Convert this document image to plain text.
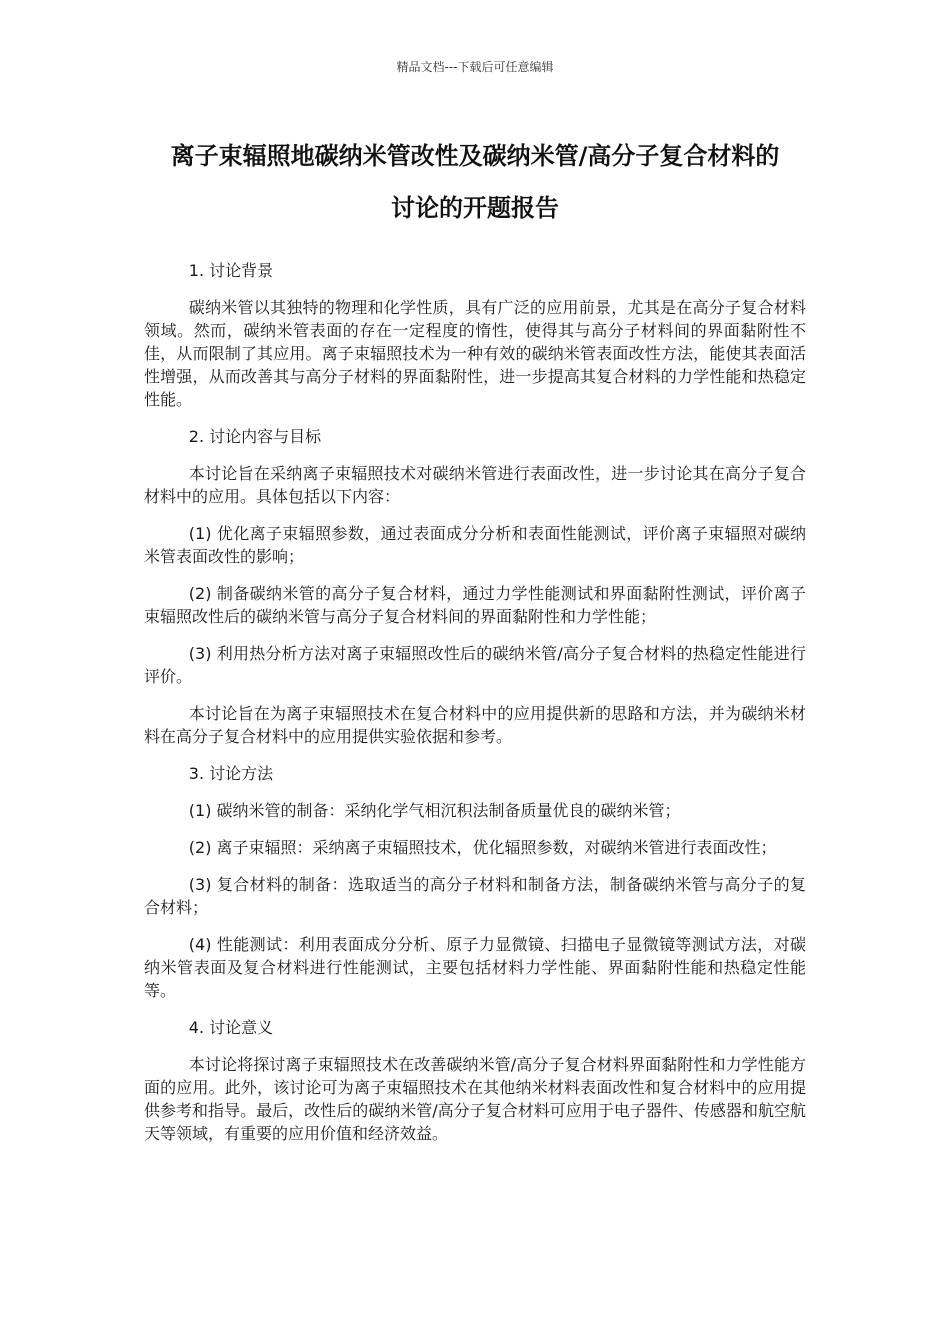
精品文档---下载后可任意编辑
离子束辐照地碳纳米管改性及碳纳米管/高分子复合材料的
讨论的开题报告

1. 讨论背景

碳纳米管以其独特的物理和化学性质，具有广泛的应用前景，尤其是在高分子复合材料领域。然而，碳纳米管表面的存在一定程度的惰性，使得其与高分子材料间的界面黏附性不佳，从而限制了其应用。离子束辐照技术为一种有效的碳纳米管表面改性方法，能使其表面活性增强，从而改善其与高分子材料的界面黏附性，进一步提高其复合材料的力学性能和热稳定性能。

2. 讨论内容与目标

本讨论旨在采纳离子束辐照技术对碳纳米管进行表面改性，进一步讨论其在高分子复合材料中的应用。具体包括以下内容：

(1) 优化离子束辐照参数，通过表面成分分析和表面性能测试，评价离子束辐照对碳纳米管表面改性的影响；

(2) 制备碳纳米管的高分子复合材料，通过力学性能测试和界面黏附性测试，评价离子束辐照改性后的碳纳米管与高分子复合材料间的界面黏附性和力学性能；

(3) 利用热分析方法对离子束辐照改性后的碳纳米管/高分子复合材料的热稳定性能进行评价。

本讨论旨在为离子束辐照技术在复合材料中的应用提供新的思路和方法，并为碳纳米材料在高分子复合材料中的应用提供实验依据和参考。

3. 讨论方法

(1) 碳纳米管的制备：采纳化学气相沉积法制备质量优良的碳纳米管；

(2) 离子束辐照：采纳离子束辐照技术，优化辐照参数，对碳纳米管进行表面改性；

(3) 复合材料的制备：选取适当的高分子材料和制备方法，制备碳纳米管与高分子的复合材料；

(4) 性能测试：利用表面成分分析、原子力显微镜、扫描电子显微镜等测试方法，对碳纳米管表面及复合材料进行性能测试，主要包括材料力学性能、界面黏附性能和热稳定性能等。

4. 讨论意义

本讨论将探讨离子束辐照技术在改善碳纳米管/高分子复合材料界面黏附性和力学性能方面的应用。此外，该讨论可为离子束辐照技术在其他纳米材料表面改性和复合材料中的应用提供参考和指导。最后，改性后的碳纳米管/高分子复合材料可应用于电子器件、传感器和航空航天等领域，有重要的应用价值和经济效益。
